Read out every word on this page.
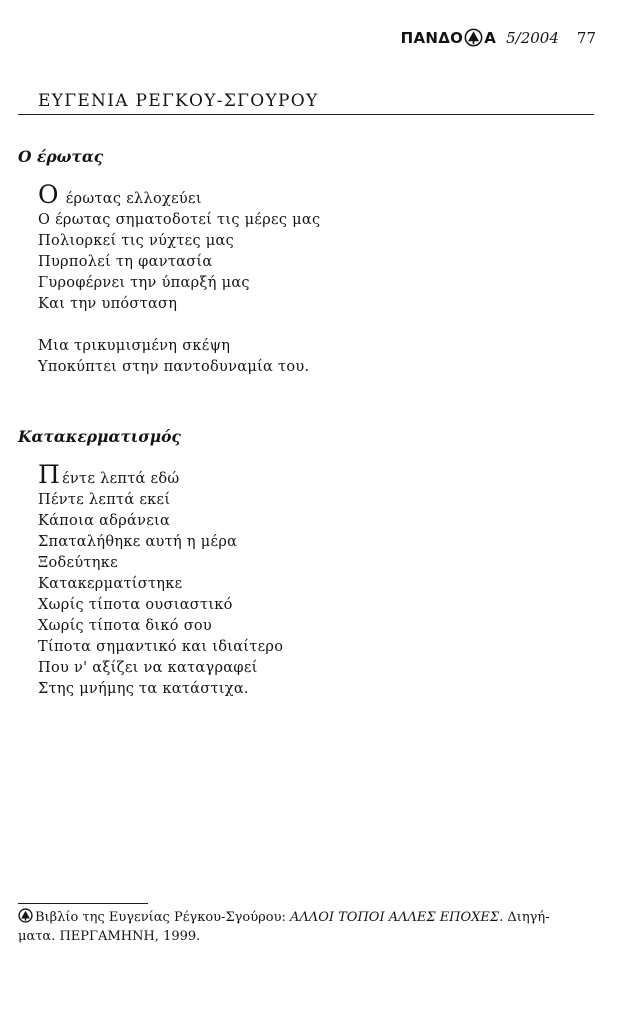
ΠΑΝΔΟ Α 5/2004 77
ΕΥΓΕΝΙΑ ΡΕΓΚΟΥ-ΣΓΟΥΡΟΥ
Ο έρωτας
Ο έρωτας ελλοχεύει
Ο έρωτας σηματοδοτεί τις μέρες μας
Πολιορκεί τις νύχτες μας
Πυρπολεί τη φαντασία
Γυροφέρνει την ύπαρξή μας
Και την υπόσταση
Μια τρικυμισμένη σκέψη
Υποκύπτει στην παντοδυναμία του.
Κατακερματισμός
Πέντε λεπτά εδώ
Πέντε λεπτά εκεί
Κάποια αδράνεια
Σπαταλήθηκε αυτή η μέρα
Ξοδεύτηκε
Κατακερματίστηκε
Χωρίς τίποτα ουσιαστικό
Χωρίς τίποτα δικό σου
Τίποτα σημαντικό και ιδιαίτερο
Που ν' αξίζει να καταγραφεί
Στης μνήμης τα κατάστιχα.
Βιβλίο της Ευγενίας Ρέγκου-Σγούρου: ΑΛΛΟΙ ΤΟΠΟΙ ΑΛΛΕΣ ΕΠΟΧΕΣ. Διηγή-
ματα. ΠΕΡΓΑΜΗΝΗ, 1999.
